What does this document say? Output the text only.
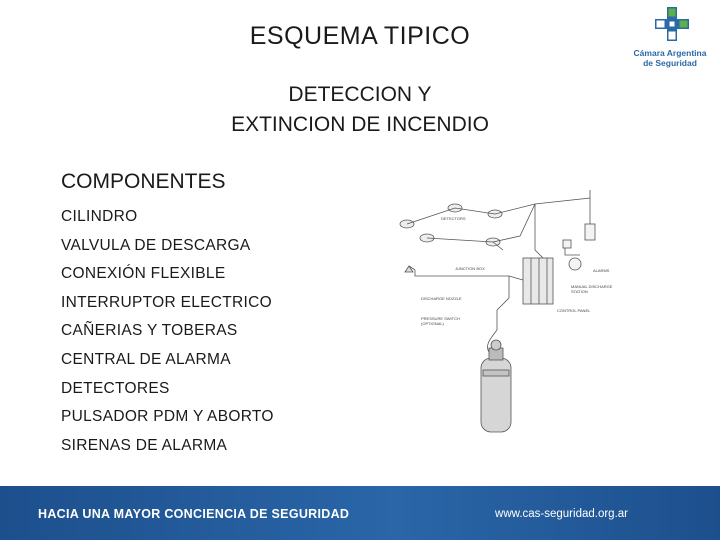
ESQUEMA TIPICO
DETECCION Y
EXTINCION DE INCENDIO
Cámara Argentina
de Seguridad
COMPONENTES
CILINDRO
VALVULA DE DESCARGA
CONEXIÓN FLEXIBLE
INTERRUPTOR ELECTRICO
CAÑERIAS Y TOBERAS
CENTRAL DE ALARMA
DETECTORES
PULSADOR PDM Y ABORTO
SIRENAS DE ALARMA
DETECTORS
JUNCTION BOX	ALARMS
MANUAL DISCHARGE
STATION
CONTROL PANEL
DISCHARGE NOZZLE
PRESSURE SWITCH
(OPTIONAL)
HACIA UNA MAYOR CONCIENCIA DE SEGURIDAD	www.cas-seguridad.org.ar
